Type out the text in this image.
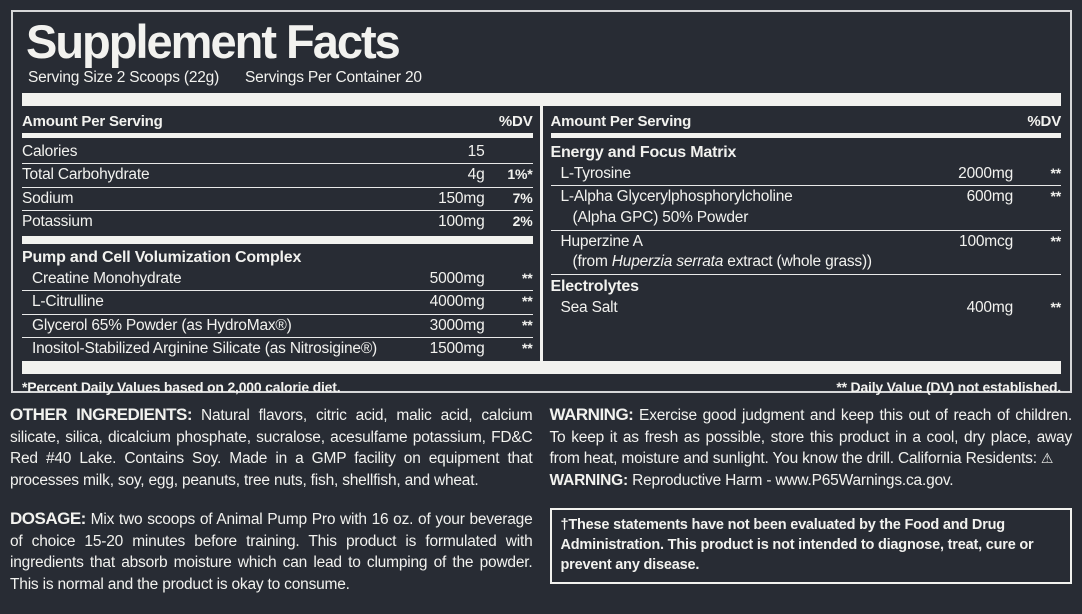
Supplement Facts
Serving Size 2 Scoops (22g) Servings Per Container 20
Amount Per Serving	%DV
Calories	15
Total Carbohydrate	4g	1%*
Sodium	150mg	7%
Potassium	100mg	2%
Pump and Cell Volumization Complex
Creatine Monohydrate	5000mg	**
L-Citrulline	4000mg	**
Glycerol 65% Powder (as HydroMax®)	3000mg	**
Inositol-Stabilized Arginine Silicate (as Nitrosigine®)	1500mg	**
Amount Per Serving	%DV
Energy and Focus Matrix
L-Tyrosine	2000mg	**
L-Alpha Glycerylphosphorylcholine	600mg	**
(Alpha GPC) 50% Powder
Huperzine A	100mcg	**
(from Huperzia serrata extract (whole grass))
Electrolytes
Sea Salt	400mg	**
*Percent Daily Values based on 2,000 calorie diet.	** Daily Value (DV) not established.
OTHER INGREDIENTS: Natural flavors, citric acid, malic acid, calcium silicate, silica, dicalcium phosphate, sucralose, acesulfame potassium, FD&C Red #40 Lake. Contains Soy. Made in a GMP facility on equipment that processes milk, soy, egg, peanuts, tree nuts, fish, shellfish, and wheat.
DOSAGE: Mix two scoops of Animal Pump Pro with 16 oz. of your beverage of choice 15-20 minutes before training. This product is formulated with ingredients that absorb moisture which can lead to clumping of the powder. This is normal and the product is okay to consume.
WARNING: Exercise good judgment and keep this out of reach of children. To keep it as fresh as possible, store this product in a cool, dry place, away from heat, moisture and sunlight. You know the drill. California Residents: ⚠
WARNING: Reproductive Harm - www.P65Warnings.ca.gov.
†These statements have not been evaluated by the Food and Drug Administration. This product is not intended to diagnose, treat, cure or prevent any disease.
